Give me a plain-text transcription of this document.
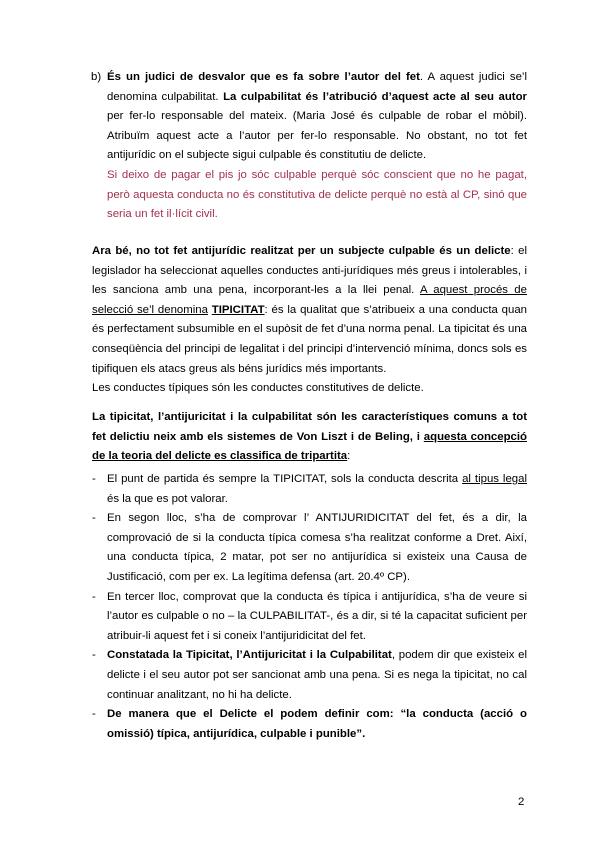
b) És un judici de desvalor que es fa sobre l’autor del fet. A aquest judici se’l denomina culpabilitat. La culpabilitat és l’atribució d’aquest acte al seu autor per fer-lo responsable del mateix. (Maria José és culpable de robar el mòbil). Atribuïm aquest acte a l’autor per fer-lo responsable. No obstant, no tot fet antijurídic on el subjecte sigui culpable és constitutiu de delicte.
Si deixo de pagar el pis jo sóc culpable perquè sóc conscient que no he pagat, però aquesta conducta no és constitutiva de delicte perquè no està al CP, sinó que seria un fet il·lícit civil.
Ara bé, no tot fet antijurídic realitzat per un subjecte culpable és un delicte: el legislador ha seleccionat aquelles conductes anti-jurídiques més greus i intolerables, i les sanciona amb una pena, incorporant-les a la llei penal. A aquest procés de selecció se’l denomina TIPICITAT: és la qualitat que s’atribueix a una conducta quan és perfectament subsumible en el supòsit de fet d’una norma penal. La tipicitat és una conseqüència del principi de legalitat i del principi d’intervenció mínima, doncs sols es tipifiquen els atacs greus als béns jurídics més importants.
Les conductes típiques són les conductes constitutives de delicte.
La tipicitat, l’antijuricitat i la culpabilitat són les característiques comuns a tot fet delictiu neix amb els sistemes de Von Liszt i de Beling, i aquesta concepció de la teoria del delicte es classifica de tripartita:
- El punt de partida és sempre la TIPICITAT, sols la conducta descrita al tipus legal és la que es pot valorar.
- En segon lloc, s’ha de comprovar l’ ANTIJURIDICITAT del fet, és a dir, la comprovació de si la conducta típica comesa s’ha realitzat conforme a Dret. Així, una conducta típica, 2 matar, pot ser no antijurídica si existeix una Causa de Justificació, com per ex. La legítima defensa (art. 20.4º CP).
- En tercer lloc, comprovat que la conducta és típica i antijurídica, s’ha de veure si l’autor es culpable o no – la CULPABILITAT-, és a dir, si té la capacitat suficient per atribuir-li aquest fet i si coneix l’antijuridicitat del fet.
- Constatada la Tipicitat, l’Antijuricitat i la Culpabilitat, podem dir que existeix el delicte i el seu autor pot ser sancionat amb una pena. Si es nega la tipicitat, no cal continuar analitzant, no hi ha delicte.
- De manera que el Delicte el podem definir com: “la conducta (acció o omissió) típica, antijurídica, culpable i punible”.
2
